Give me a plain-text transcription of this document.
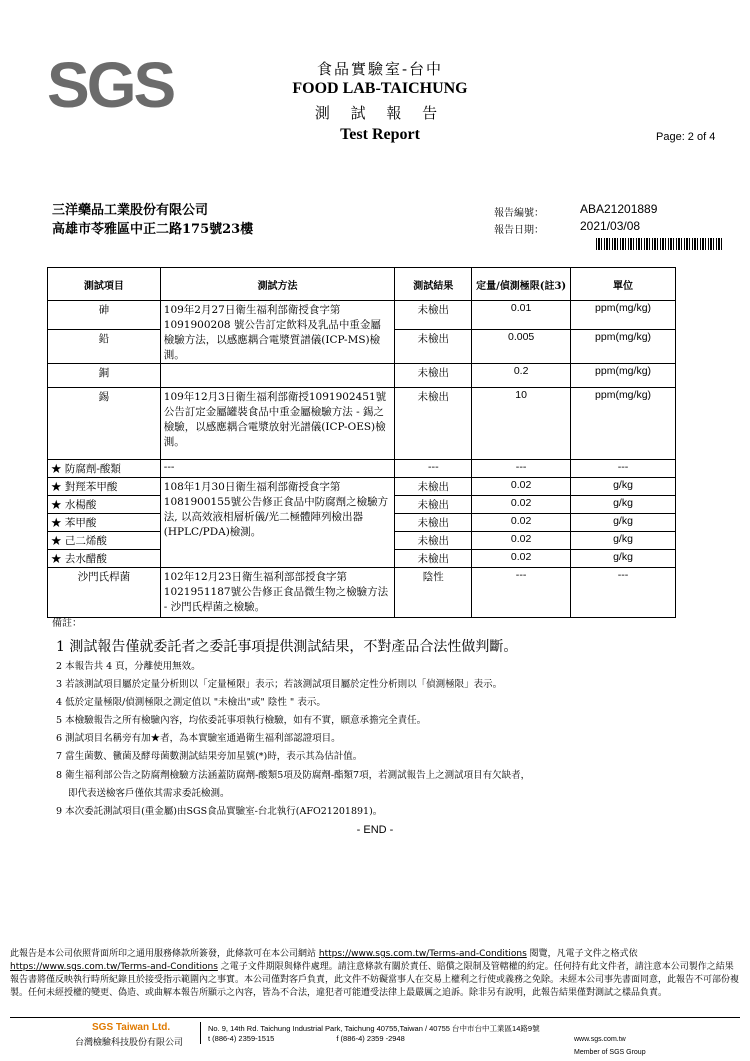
SGS	食品實驗室-台中
FOOD LAB-TAICHUNG
測 試 報 告
Test Report	Page: 2 of 4
三洋藥品工業股份有限公司
高雄市苓雅區中正二路175號23樓
報告編號：	ABA21201889
報告日期：	2021/03/08
測試項目	測試方法	測試結果	定量/偵測極限(註3)	單位
砷	109年2月27日衛生福利部衛授食字第1091900208 號公告訂定飲料及乳品中重金屬檢驗方法，以感應耦合電漿質譜儀(ICP-MS)檢測。	未檢出	0.01	ppm(mg/kg)
鉛		未檢出	0.005	ppm(mg/kg)
銅		未檢出	0.2	ppm(mg/kg)
錫	109年12月3日衛生福利部衛授1091902451號公告訂定金屬罐裝食品中重金屬檢驗方法 - 錫之檢驗，以感應耦合電漿放射光譜儀(ICP-OES)檢測。	未檢出	10	ppm(mg/kg)
★ 防腐劑-酸類	---	---	---	---
★ 對羥苯甲酸	108年1月30日衛生福利部衛授食字第1081900155號公告修正食品中防腐劑之檢驗方法, 以高效液相層析儀/光二極體陣列檢出器(HPLC/PDA)檢測。	未檢出	0.02	g/kg
★ 水楊酸		未檢出	0.02	g/kg
★ 苯甲酸		未檢出	0.02	g/kg
★ 己二烯酸		未檢出	0.02	g/kg
★ 去水醋酸		未檢出	0.02	g/kg
沙門氏桿菌	102年12月23日衛生福利部部授食字第1021951187號公告修正食品微生物之檢驗方法 - 沙門氏桿菌之檢驗。	陰性	---	---
備註：
1 測試報告僅就委託者之委託事項提供測試結果，不對產品合法性做判斷。
2 本報告共 4 頁，分離使用無效。
3 若該測試項目屬於定量分析則以「定量極限」表示；若該測試項目屬於定性分析則以「偵測極限」表示。
4 低於定量極限/偵測極限之測定值以 "未檢出"或" 陰性 " 表示。
5 本檢驗報告之所有檢驗內容，均依委託事項執行檢驗，如有不實，願意承擔完全責任。
6 測試項目名稱旁有加★者，為本實驗室通過衛生福利部認證項目。
7 當生菌數、黴菌及酵母菌數測試結果旁加星號(*)時，表示其為估計值。
8 衛生福利部公告之防腐劑檢驗方法涵蓋防腐劑-酸類5項及防腐劑-酯類7項，若測試報告上之測試項目有欠缺者，
即代表送檢客戶僅依其需求委託檢測。
9 本次委託測試項目(重金屬)由SGS食品實驗室-台北執行(AFO21201891)。
- END -
此報告是本公司依照背面所印之通用服務條款所簽發，此條款可在本公司網站 https://www.sgs.com.tw/Terms-and-Conditions 閱覽，凡電子文件之格式依 https://www.sgs.com.tw/Terms-and-Conditions 之電子文件期限與條件處理。請注意條款有關於責任、賠償之限制及管轄權的約定。任何持有此文件者，請注意本公司製作之結果報告書將僅反映執行時所紀錄且於接受指示範圍內之事實。本公司僅對客戶負責，此文件不妨礙當事人在交易上權利之行使或義務之免除。未經本公司事先書面同意，此報告不可部份複製。任何未經授權的變更、偽造、或曲解本報告所顯示之內容，皆為不合法，違犯者可能遭受法律上最嚴厲之追訴。除非另有說明，此報告結果僅對測試之樣品負責。
SGS Taiwan Ltd.
台灣檢驗科技股份有限公司
No. 9, 14th Rd. Taichung Industrial Park, Taichung 40755,Taiwan / 40755 台中市台中工業區14路9號
t (886-4) 2359-1515	f (886-4) 2359 -2948	www.sgs.com.tw
Member of SGS Group
